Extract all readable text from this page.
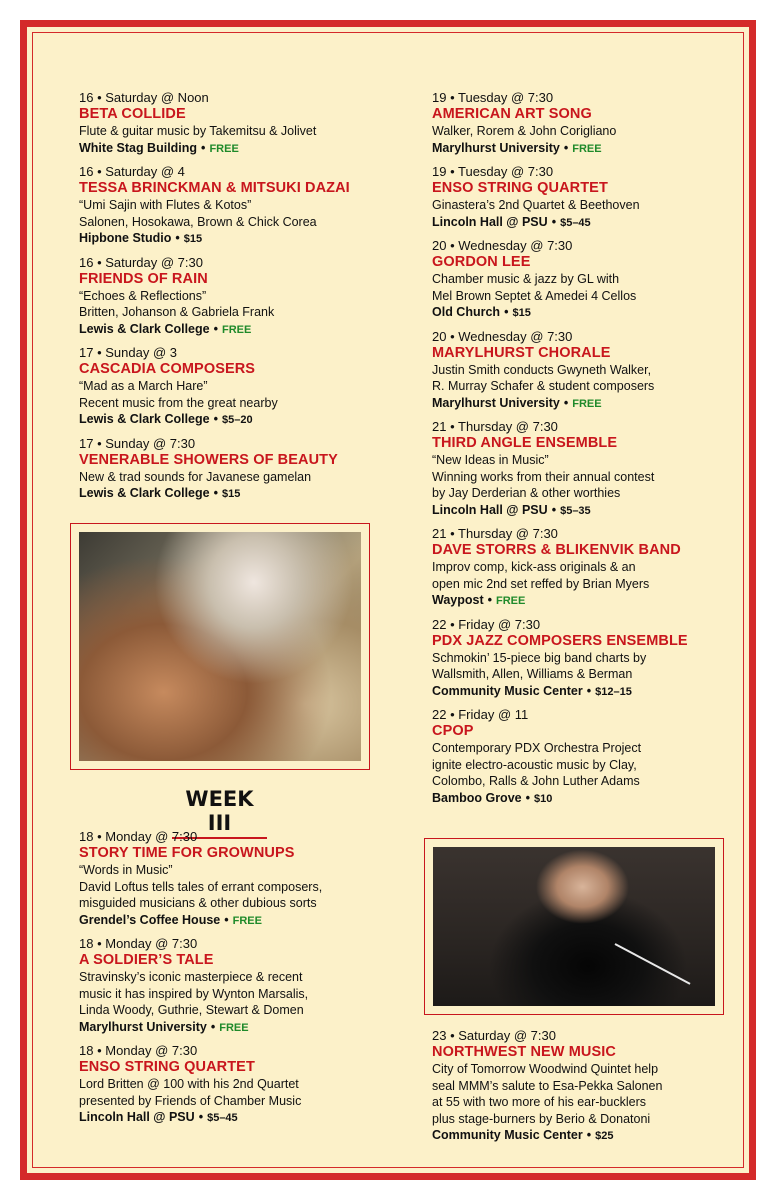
16 • Saturday @ Noon
BETA COLLIDE
Flute & guitar music by Takemitsu & Jolivet
White Stag Building • FREE
16 • Saturday @ 4
TESSA BRINCKMAN & MITSUKI DAZAI
“Umi Sajin with Flutes & Kotos”
Salonen, Hosokawa, Brown & Chick Corea
Hipbone Studio • $15
16 • Saturday @ 7:30
FRIENDS OF RAIN
“Echoes & Reflections”
Britten, Johanson & Gabriela Frank
Lewis & Clark College • FREE
17 • Sunday @ 3
CASCADIA COMPOSERS
“Mad as a March Hare”
Recent music from the great nearby
Lewis & Clark College • $5–20
17 • Sunday @ 7:30
VENERABLE SHOWERS OF BEAUTY
New & trad sounds for Javanese gamelan
Lewis & Clark College • $15
WEEK III
18 • Monday @ 7:30
STORY TIME FOR GROWNUPS
“Words in Music”
David Loftus tells tales of errant composers,
misguided musicians & other dubious sorts
Grendel’s Coffee House • FREE
18 • Monday @ 7:30
A SOLDIER’S TALE
Stravinsky’s iconic masterpiece & recent
music it has inspired by Wynton Marsalis,
Linda Woody, Guthrie, Stewart & Domen
Marylhurst University • FREE
18 • Monday @ 7:30
ENSO STRING QUARTET
Lord Britten @ 100 with his 2nd Quartet
presented by Friends of Chamber Music
Lincoln Hall @ PSU • $5–45
19 • Tuesday @ 7:30
AMERICAN ART SONG
Walker, Rorem & John Corigliano
Marylhurst University • FREE
19 • Tuesday @ 7:30
ENSO STRING QUARTET
Ginastera’s 2nd Quartet & Beethoven
Lincoln Hall @ PSU • $5–45
20 • Wednesday @ 7:30
GORDON LEE
Chamber music & jazz by GL with
Mel Brown Septet & Amedei 4 Cellos
Old Church • $15
20 • Wednesday @ 7:30
MARYLHURST CHORALE
Justin Smith conducts Gwyneth Walker,
R. Murray Schafer & student composers
Marylhurst University • FREE
21 • Thursday @ 7:30
THIRD ANGLE ENSEMBLE
“New Ideas in Music”
Winning works from their annual contest
by Jay Derderian & other worthies
Lincoln Hall @ PSU • $5–35
21 • Thursday @ 7:30
DAVE STORRS & BLIKENVIK BAND
Improv comp, kick-ass originals & an
open mic 2nd set reffed by Brian Myers
Waypost • FREE
22 • Friday @ 7:30
PDX JAZZ COMPOSERS ENSEMBLE
Schmokin’ 15-piece big band charts by
Wallsmith, Allen, Williams & Berman
Community Music Center • $12–15
22 • Friday @ 11
CPOP
Contemporary PDX Orchestra Project
ignite electro-acoustic music by Clay,
Colombo, Ralls & John Luther Adams
Bamboo Grove • $10
23 • Saturday @ 7:30
NORTHWEST NEW MUSIC
City of Tomorrow Woodwind Quintet help
seal MMM’s salute to Esa-Pekka Salonen
at 55 with two more of his ear-bucklers
plus stage-burners by Berio & Donatoni
Community Music Center • $25
